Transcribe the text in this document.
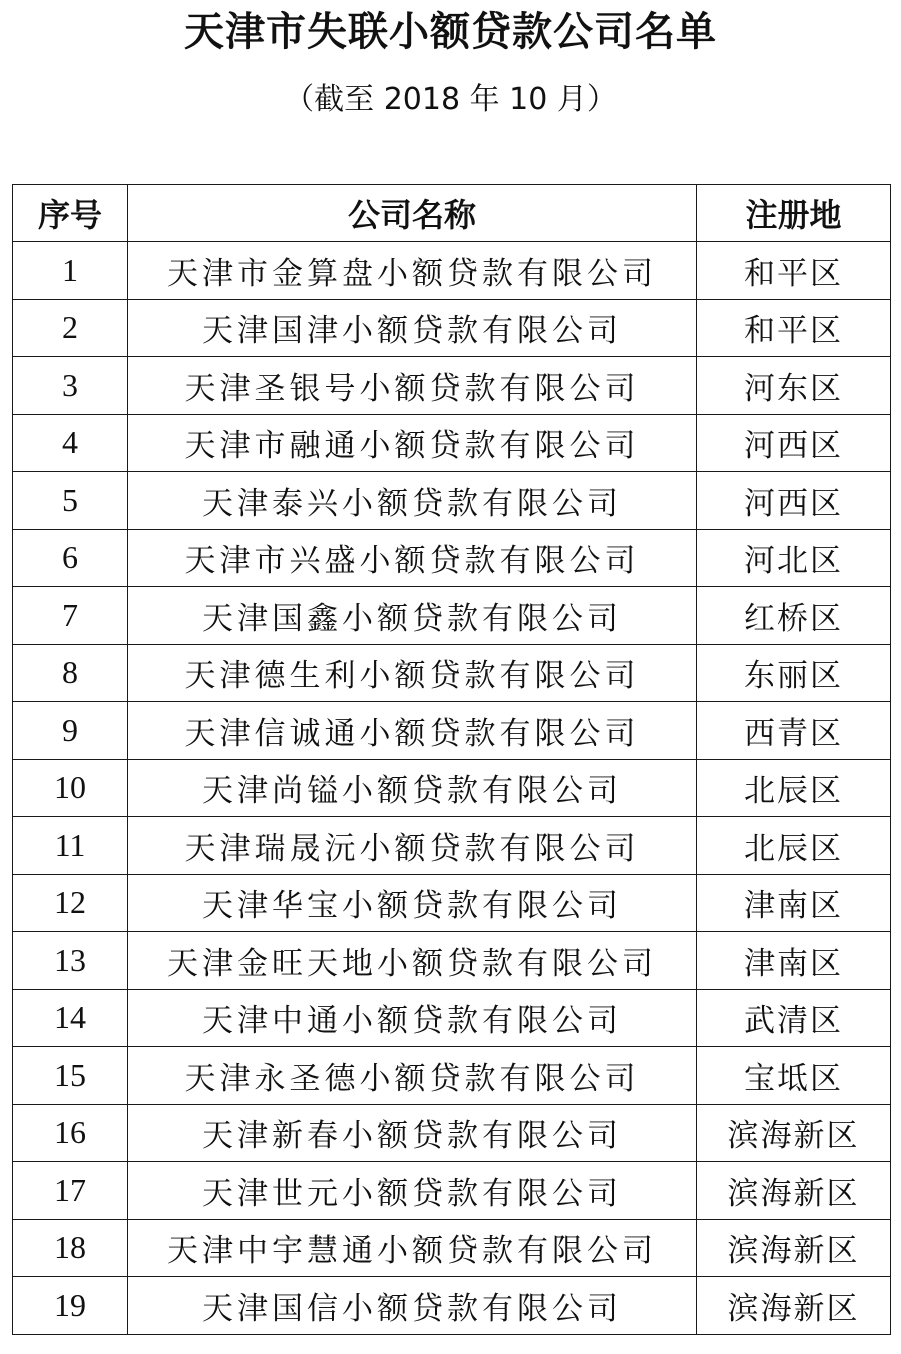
天津市失联小额贷款公司名单
（截至 2018 年 10 月）
序号	公司名称	注册地
1	天津市金算盘小额贷款有限公司	和平区
2	天津国津小额贷款有限公司	和平区
3	天津圣银号小额贷款有限公司	河东区
4	天津市融通小额贷款有限公司	河西区
5	天津泰兴小额贷款有限公司	河西区
6	天津市兴盛小额贷款有限公司	河北区
7	天津国鑫小额贷款有限公司	红桥区
8	天津德生利小额贷款有限公司	东丽区
9	天津信诚通小额贷款有限公司	西青区
10	天津尚镒小额贷款有限公司	北辰区
11	天津瑞晟沅小额贷款有限公司	北辰区
12	天津华宝小额贷款有限公司	津南区
13	天津金旺天地小额贷款有限公司	津南区
14	天津中通小额贷款有限公司	武清区
15	天津永圣德小额贷款有限公司	宝坻区
16	天津新春小额贷款有限公司	滨海新区
17	天津世元小额贷款有限公司	滨海新区
18	天津中宇慧通小额贷款有限公司	滨海新区
19	天津国信小额贷款有限公司	滨海新区
